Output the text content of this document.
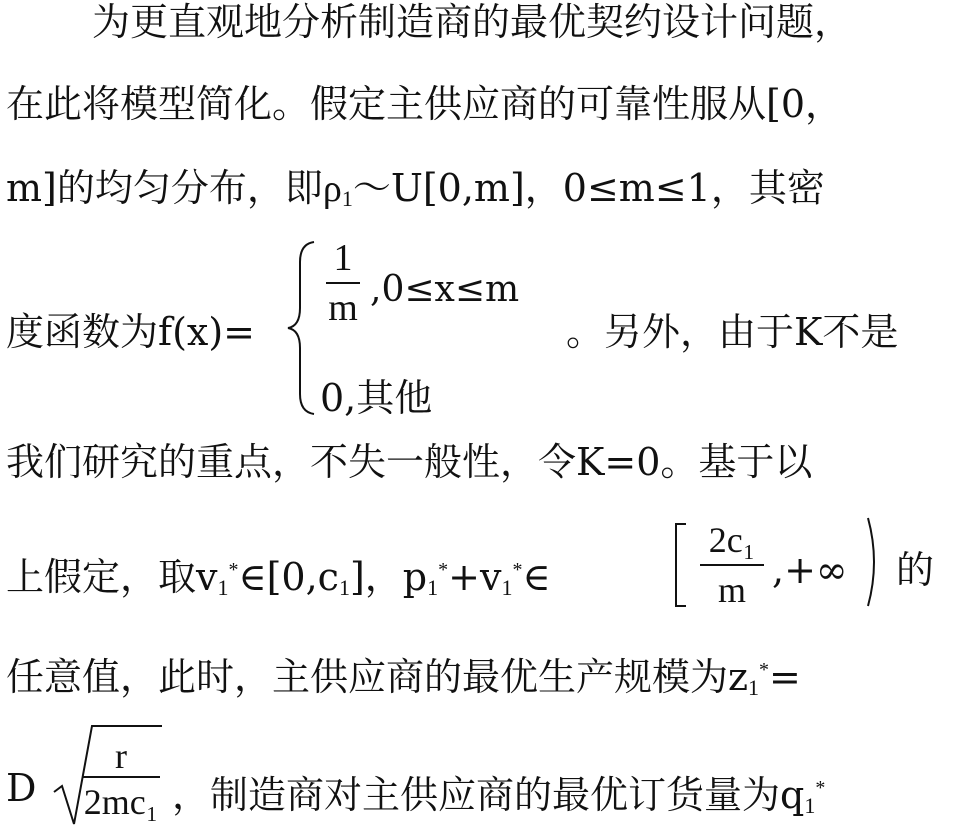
为更直观地分析制造商的最优契约设计问题，
在此将模型简化。假定主供应商的可靠性服从[0，
m]的均匀分布，即$\rho_1\sim U[0,m]$，0≤m≤1，其密
度函数为f(x)=
1
m ,0≤x≤m
0,其他
。另外，由于K不是
我们研究的重点，不失一般性，令K=0。基于以
上假定，取$v_1^*\in[0,c_1]$，$p_1^*+v_1^*\in$
2c₁
m ,+∞ 的
任意值，此时，主供应商的最优生产规模为$z_1^*=$
D
r
2mc₁ ，制造商对主供应商的最优订货量为$q_1^*$
